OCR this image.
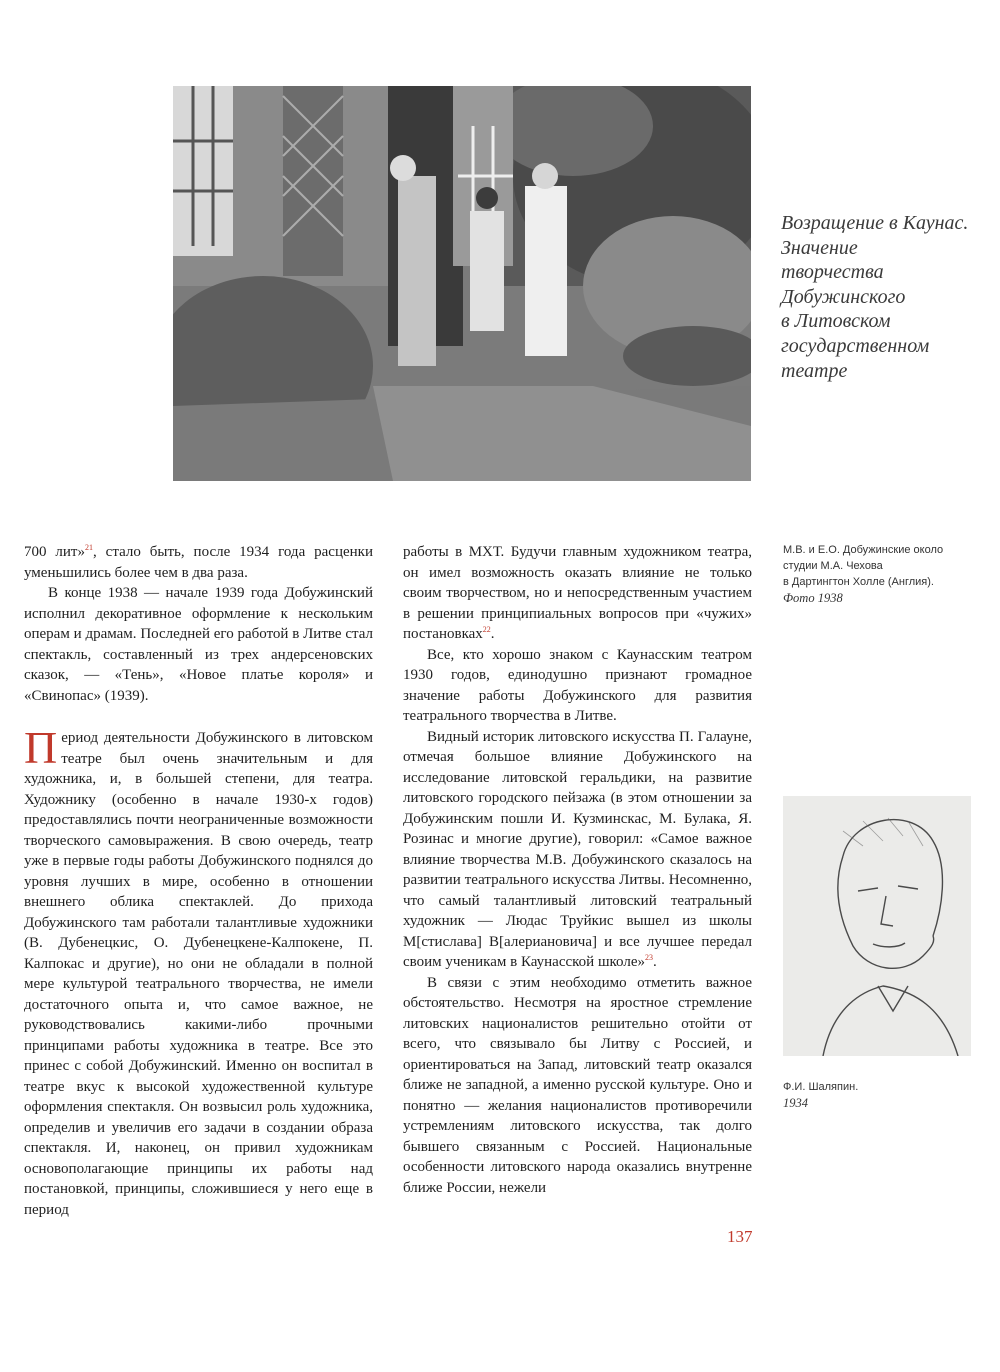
Возращение в Каунас.
Значение
творчества
Добужинского
в Литовском
государственном
театре
М.В. и Е.О. Добужинские около
студии М.А. Чехова
в Дартингтон Холле (Англия).
Фото 1938
Ф.И. Шаляпин.
1934

700 лит»$^{21}$, стало быть, после 1934 года расценки уменьшились более чем в два раза.

В конце 1938 — начале 1939 года Добужинский исполнил декоративное оформление к нескольким операм и драмам. Последней его работой в Литве стал спектакль, составленный из трех андерсеновских сказок, — «Тень», «Новое платье короля» и «Свинопас» (1939).

Период деятельности Добужинского в литовском театре был очень значительным и для художника, и, в большей степени, для театра. Художнику (особенно в начале 1930-х годов) предоставлялись почти неограниченные возможности творческого самовыражения. В свою очередь, театр уже в первые годы работы Добужинского поднялся до уровня лучших в мире, особенно в отношении внешнего облика спектаклей. До прихода Добужинского там работали талантливые художники (В. Дубенецкис, О. Дубенецкене-Калпокене, П. Калпокас и другие), но они не обладали в полной мере культурой театрального творчества, не имели достаточного опыта и, что самое важное, не руководствовались какими-либо прочными принципами работы художника в театре. Все это принес с собой Добужинский. Именно он воспитал в театре вкус к высокой художественной культуре оформления спектакля. Он возвысил роль художника, определив и увеличив его задачи в создании образа спектакля. И, наконец, он привил художникам основополагающие принципы их работы над постановкой, принципы, сложившиеся у него еще в период

работы в МХТ. Будучи главным художником театра, он имел возможность оказать влияние не только своим творчеством, но и непосредственным участием в решении принципиальных вопросов при «чужих» постановках$^{22}$.

Все, кто хорошо знаком с Каунасским театром 1930 годов, единодушно признают громадное значение работы Добужинского для развития театрального творчества в Литве.

Видный историк литовского искусства П. Галауне, отмечая большое влияние Добужинского на исследование литовской геральдики, на развитие литовского городского пейзажа (в этом отношении за Добужинским пошли И. Кузминскас, М. Булака, Я. Розинас и многие другие), говорил: «Самое важное влияние творчества М.В. Добужинского сказалось на развитии театрального искусства Литвы. Несомненно, что самый талантливый литовский театральный художник — Людас Труйкис вышел из школы М[стислава] В[алериановича] и все лучшее передал своим ученикам в Каунасской школе»$^{23}$.

В связи с этим необходимо отметить важное обстоятельство. Несмотря на яростное стремление литовских националистов решительно отойти от всего, что связывало бы Литву с Россией, и ориентироваться на Запад, литовский театр оказался ближе не западной, а именно русской культуре. Оно и понятно — желания националистов противоречили устремлениям литовского искусства, так долго бывшего связанным с Россией. Национальные особенности литовского народа оказались внутренне ближе России, нежели

137
